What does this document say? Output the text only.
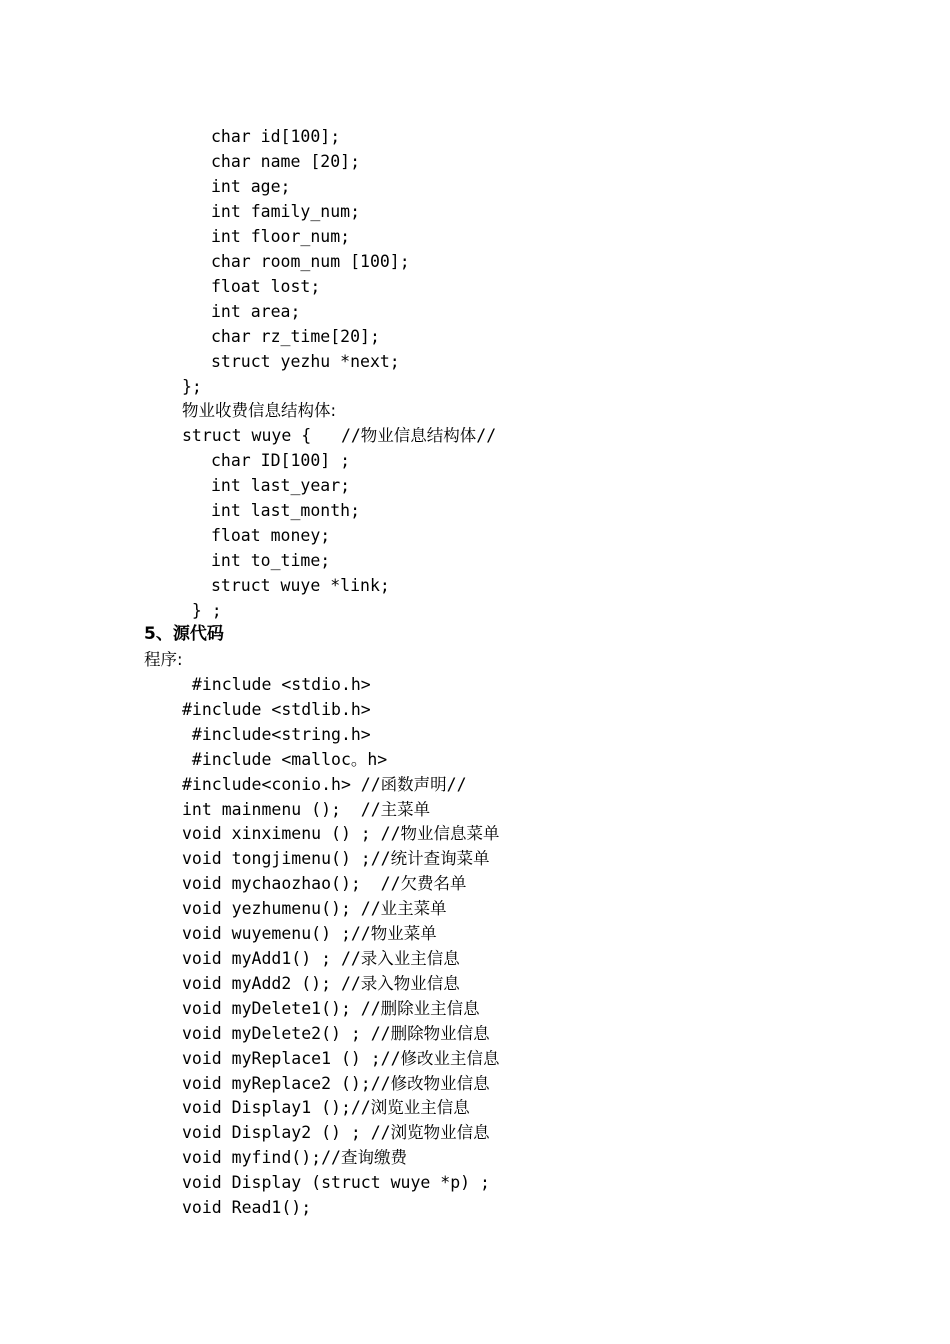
char id[100];
char name [20];
int age;
int family_num;
int floor_num;
char room_num [100];
float lost;
int area;
char rz_time[20];
struct yezhu *next;
};
物业收费信息结构体:
struct wuye {   //物业信息结构体//
char ID[100] ;
int last_year;
int last_month;
float money;
int to_time;
struct wuye *link;
} ;
5、源代码
程序:
#include <stdio.h>
#include <stdlib.h>
#include<string.h>
#include <malloc。h>
#include<conio.h> //函数声明//
int mainmenu ();  //主菜单
void xinximenu () ; //物业信息菜单
void tongjimenu() ;//统计查询菜单
void mychaozhao();  //欠费名单
void yezhumenu(); //业主菜单
void wuyemenu() ;//物业菜单
void myAdd1() ; //录入业主信息
void myAdd2 (); //录入物业信息
void myDelete1(); //删除业主信息
void myDelete2() ; //删除物业信息
void myReplace1 () ;//修改业主信息
void myReplace2 ();//修改物业信息
void Display1 ();//浏览业主信息
void Display2 () ; //浏览物业信息
void myfind();//查询缴费
void Display (struct wuye *p) ;
void Read1();
